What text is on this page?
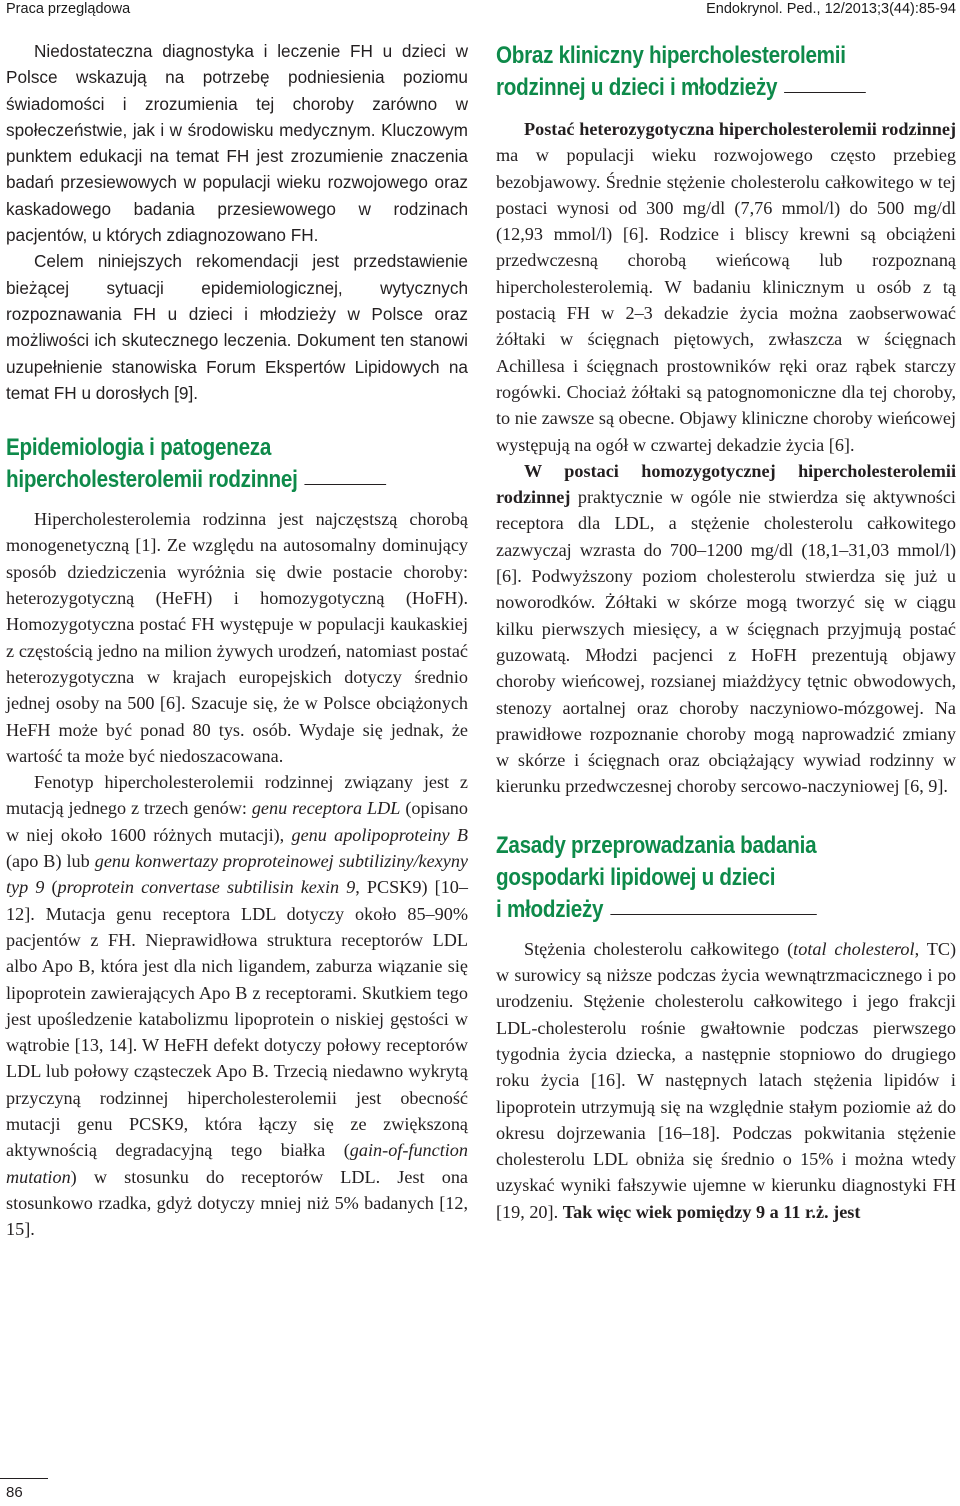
Praca przeglądowa	Endokrynol. Ped., 12/2013;3(44):85-94

Niedostateczna diagnostyka i leczenie FH u dzieci w Polsce wskazują na potrzebę podniesienia poziomu świadomości i zrozumienia tej choroby zarówno w społeczeństwie, jak i w środowisku medycznym. Kluczowym punktem edukacji na temat FH jest zrozumienie znaczenia badań przesiewowych w populacji wieku rozwojowego oraz kaskadowego badania przesiewowego w rodzinach pacjentów, u których zdiagnozowano FH.

Celem niniejszych rekomendacji jest przedstawienie bieżącej sytuacji epidemiologicznej, wytycznych rozpoznawania FH u dzieci i młodzieży w Polsce oraz możliwości ich skutecznego leczenia. Dokument ten stanowi uzupełnienie stanowiska Forum Ekspertów Lipidowych na temat FH u dorosłych [9].

Epidemiologia i patogeneza
hipercholesterolemii rodzinnej

Hipercholesterolemia rodzinna jest najczęstszą chorobą monogenetyczną [1]. Ze względu na autosomalny dominujący sposób dziedziczenia wyróżnia się dwie postacie choroby: heterozygotyczną (HeFH) i homozygotyczną (HoFH). Homozygotyczna postać FH występuje w populacji kaukaskiej z częstością jedno na milion żywych urodzeń, natomiast postać heterozygotyczna w krajach europejskich dotyczy średnio jednej osoby na 500 [6]. Szacuje się, że w Polsce obciążonych HeFH może być ponad 80 tys. osób. Wydaje się jednak, że wartość ta może być niedoszacowana.

Fenotyp hipercholesterolemii rodzinnej związany jest z mutacją jednego z trzech genów: genu receptora LDL (opisano w niej około 1600 różnych mutacji), genu apolipoproteiny B (apo B) lub genu konwertazy proproteinowej subtiliziny/kexyny typ 9 (proprotein convertase subtilisin kexin 9, PCSK9) [10–12]. Mutacja genu receptora LDL dotyczy około 85–90% pacjentów z FH. Nieprawidłowa struktura receptorów LDL albo Apo B, która jest dla nich ligandem, zaburza wiązanie się lipoprotein zawierających Apo B z receptorami. Skutkiem tego jest upośledzenie katabolizmu lipoprotein o niskiej gęstości w wątrobie [13, 14]. W HeFH defekt dotyczy połowy receptorów LDL lub połowy cząsteczek Apo B. Trzecią niedawno wykrytą przyczyną rodzinnej hipercholesterolemii jest obecność mutacji genu PCSK9, która łączy się ze zwiększoną aktywnością degradacyjną tego białka (gain-of-function mutation) w stosunku do receptorów LDL. Jest ona stosunkowo rzadka, gdyż dotyczy mniej niż 5% badanych [12, 15].

Obraz kliniczny hipercholesterolemii
rodzinnej u dzieci i młodzieży

Postać heterozygotyczna hipercholesterolemii rodzinnej ma w populacji wieku rozwojowego często przebieg bezobjawowy. Średnie stężenie cholesterolu całkowitego w tej postaci wynosi od 300 mg/dl (7,76 mmol/l) do 500 mg/dl (12,93 mmol/l) [6]. Rodzice i bliscy krewni są obciążeni przedwczesną chorobą wieńcową lub rozpoznaną hipercholesterolemią. W badaniu klinicznym u osób z tą postacią FH w 2–3 dekadzie życia można zaobserwować żółtaki w ścięgnach piętowych, zwłaszcza w ścięgnach Achillesa i ścięgnach prostowników ręki oraz rąbek starczy rogówki. Chociaż żółtaki są patognomoniczne dla tej choroby, to nie zawsze są obecne. Objawy kliniczne choroby wieńcowej występują na ogół w czwartej dekadzie życia [6].

W postaci homozygotycznej hipercholesterolemii rodzinnej praktycznie w ogóle nie stwierdza się aktywności receptora dla LDL, a stężenie cholesterolu całkowitego zazwyczaj wzrasta do 700–1200 mg/dl (18,1–31,03 mmol/l) [6]. Podwyższony poziom cholesterolu stwierdza się już u noworodków. Żółtaki w skórze mogą tworzyć się w ciągu kilku pierwszych miesięcy, a w ścięgnach przyjmują postać guzowatą. Młodzi pacjenci z HoFH prezentują objawy choroby wieńcowej, rozsianej miażdżycy tętnic obwodowych, stenozy aortalnej oraz choroby naczyniowo-mózgowej. Na prawidłowe rozpoznanie choroby mogą naprowadzić zmiany w skórze i ścięgnach oraz obciążający wywiad rodzinny w kierunku przedwczesnej choroby sercowo-naczyniowej [6, 9].

Zasady przeprowadzania badania
gospodarki lipidowej u dzieci
i młodzieży

Stężenia cholesterolu całkowitego (total cholesterol, TC) w surowicy są niższe podczas życia wewnątrzmacicznego i po urodzeniu. Stężenie cholesterolu całkowitego i jego frakcji LDL-cholesterolu rośnie gwałtownie podczas pierwszego tygodnia życia dziecka, a następnie stopniowo do drugiego roku życia [16]. W następnych latach stężenia lipidów i lipoprotein utrzymują się na względnie stałym poziomie aż do okresu dojrzewania [16–18]. Podczas pokwitania stężenie cholesterolu LDL obniża się średnio o 15% i można wtedy uzyskać wyniki fałszywie ujemne w kierunku diagnostyki FH [19, 20]. Tak więc wiek pomiędzy 9 a 11 r.ż. jest

86
